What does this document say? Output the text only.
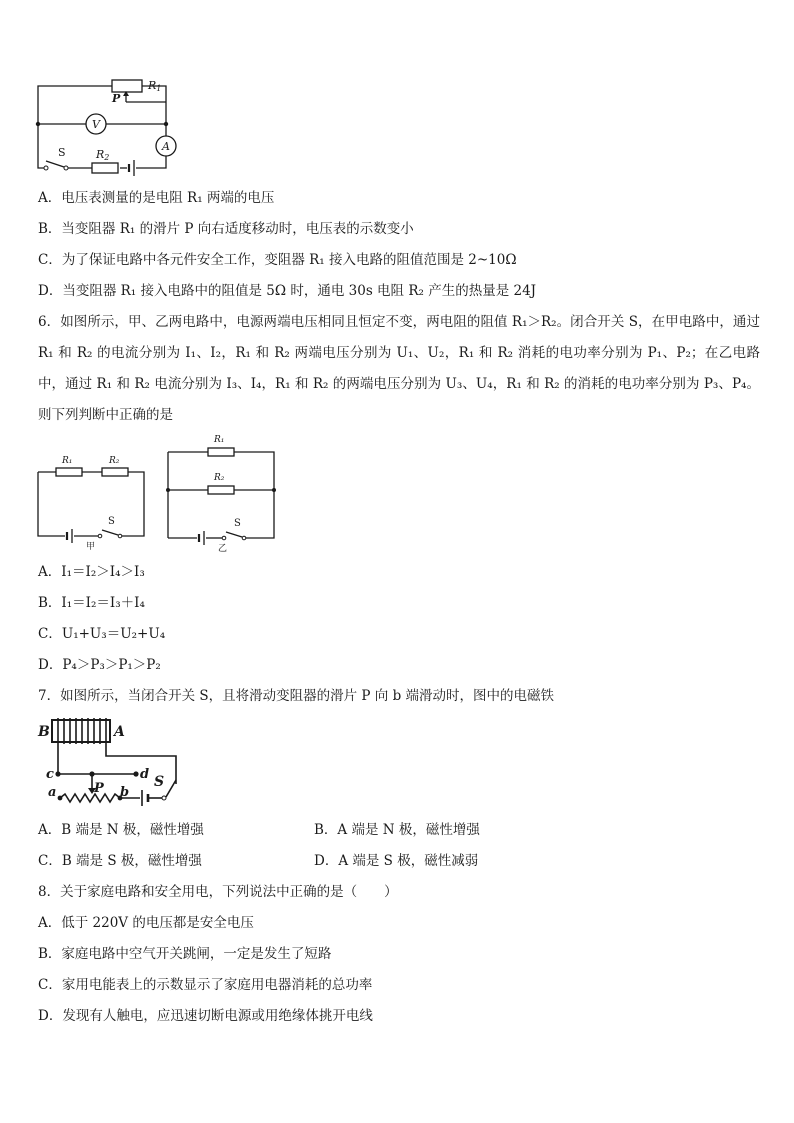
R1
P
V
A
R2
S
A．电压表测量的是电阻 R₁ 两端的电压
B．当变阻器 R₁ 的滑片 P 向右适度移动时，电压表的示数变小
C．为了保证电路中各元件安全工作，变阻器 R₁ 接入电路的阻值范围是 2~10Ω
D．当变阻器 R₁ 接入电路中的阻值是 5Ω 时，通电 30s 电阻 R₂ 产生的热量是 24J
6．如图所示，甲、乙两电路中，电源两端电压相同且恒定不变，两电阻的阻值 R₁＞R₂。闭合开关 S，在甲电路中，通过 R₁ 和 R₂ 的电流分别为 I₁、I₂，R₁ 和 R₂ 两端电压分别为 U₁、U₂，R₁ 和 R₂ 消耗的电功率分别为 P₁、P₂；在乙电路中，通过 R₁ 和 R₂ 电流分别为 I₃、I₄，R₁ 和 R₂ 的两端电压分别为 U₃、U₄，R₁ 和 R₂ 的消耗的电功率分别为 P₃、P₄。则下列判断中正确的是
R₁	R₂
S
甲
R₁
R₂
S
乙
A．I₁＝I₂＞I₄＞I₃
B．I₁＝I₂＝I₃＋I₄
C．U₁+U₃＝U₂+U₄
D．P₄＞P₃＞P₁＞P₂
7．如图所示，当闭合开关 S，且将滑动变阻器的滑片 P 向 b 端滑动时，图中的电磁铁
B	A
c	d
P
a	b
S
A．B 端是 N 极，磁性增强	B．A 端是 N 极，磁性增强
C．B 端是 S 极，磁性增强	D．A 端是 S 极，磁性减弱
8．关于家庭电路和安全用电，下列说法中正确的是（　　）
A．低于 220V 的电压都是安全电压
B．家庭电路中空气开关跳闸，一定是发生了短路
C．家用电能表上的示数显示了家庭用电器消耗的总功率
D．发现有人触电，应迅速切断电源或用绝缘体挑开电线
